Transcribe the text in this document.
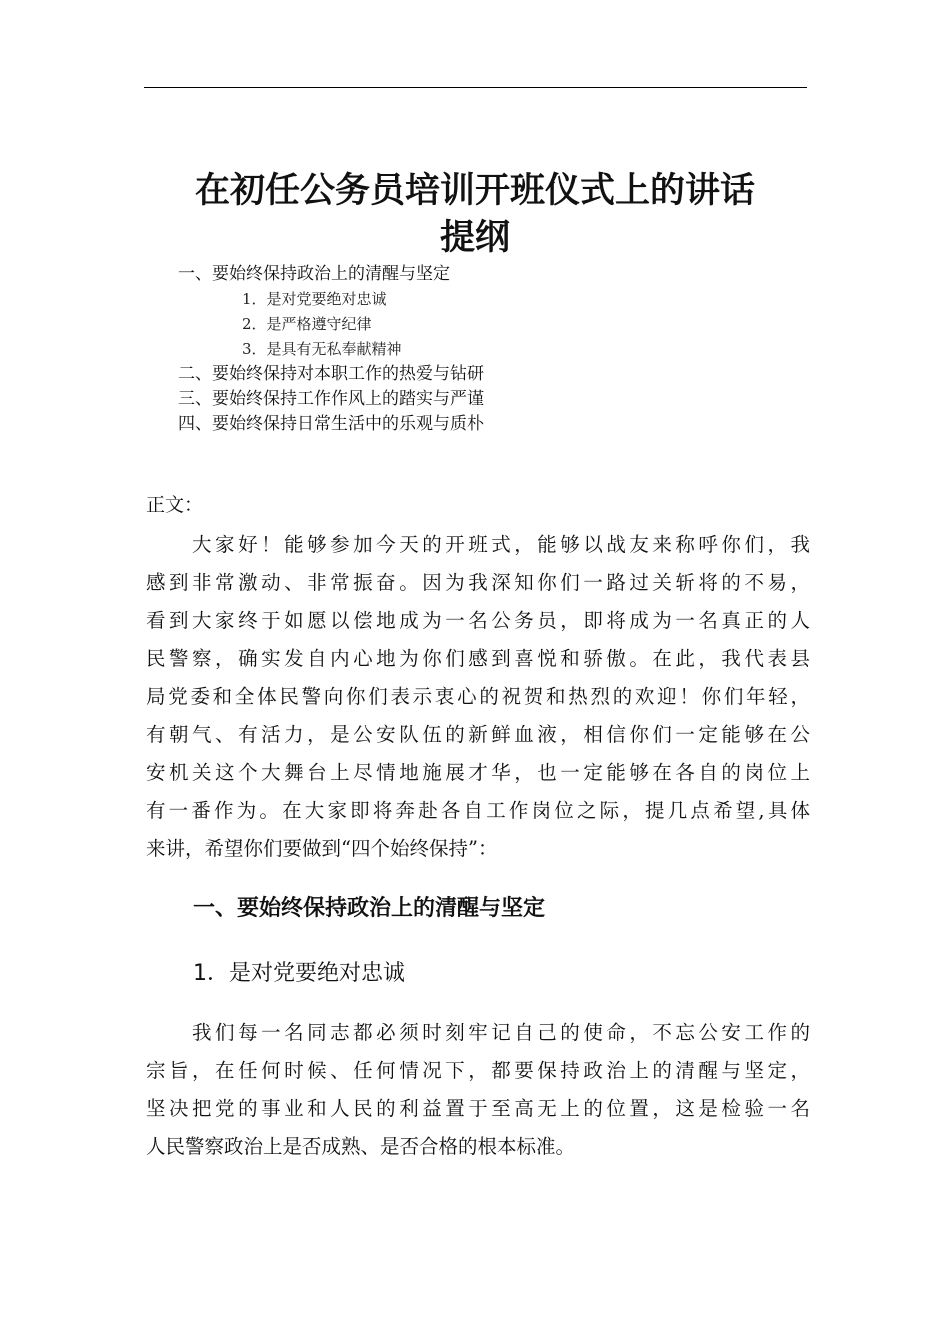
在初任公务员培训开班仪式上的讲话
提纲
一、要始终保持政治上的清醒与坚定
1．是对党要绝对忠诚
2．是严格遵守纪律
3．是具有无私奉献精神
二、要始终保持对本职工作的热爱与钻研
三、要始终保持工作作风上的踏实与严谨
四、要始终保持日常生活中的乐观与质朴
正文：
　　大家好！能够参加今天的开班式，能够以战友来称呼你们，我
感到非常激动、非常振奋。因为我深知你们一路过关斩将的不易，
看到大家终于如愿以偿地成为一名公务员，即将成为一名真正的人
民警察，确实发自内心地为你们感到喜悦和骄傲。在此，我代表县
局党委和全体民警向你们表示衷心的祝贺和热烈的欢迎！你们年轻，
有朝气、有活力，是公安队伍的新鲜血液，相信你们一定能够在公
安机关这个大舞台上尽情地施展才华，也一定能够在各自的岗位上
有一番作为。在大家即将奔赴各自工作岗位之际，提几点希望,具体
来讲，希望你们要做到“四个始终保持”：
一、要始终保持政治上的清醒与坚定
1．是对党要绝对忠诚
　　我们每一名同志都必须时刻牢记自己的使命，不忘公安工作的
宗旨，在任何时候、任何情况下，都要保持政治上的清醒与坚定，
坚决把党的事业和人民的利益置于至高无上的位置，这是检验一名
人民警察政治上是否成熟、是否合格的根本标准。
